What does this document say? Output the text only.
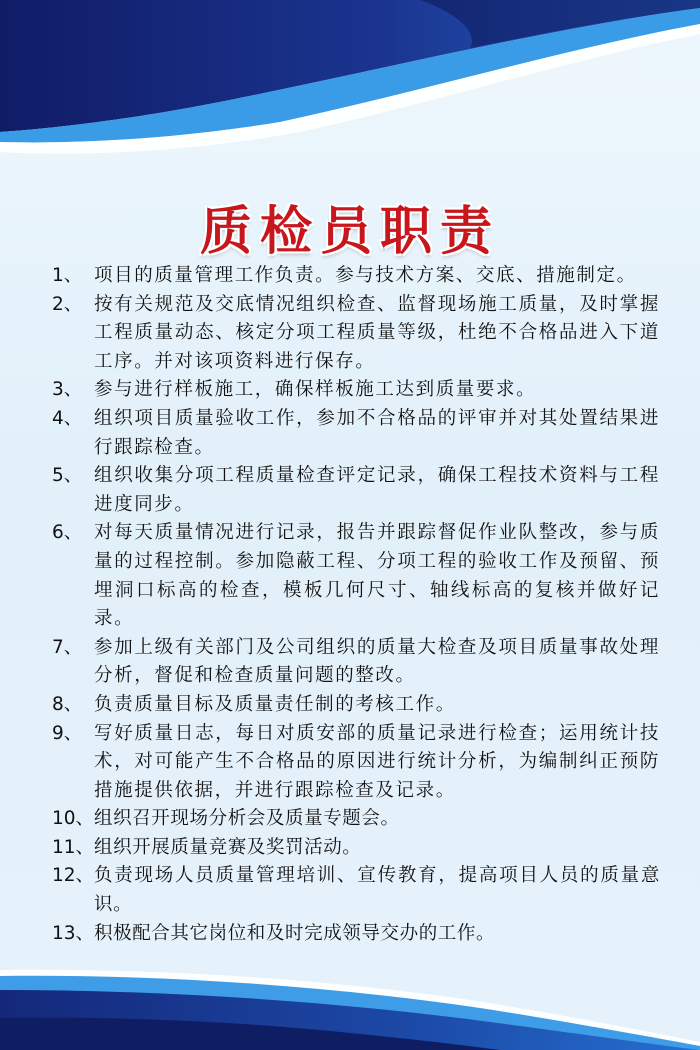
质检员职责
1、 项目的质量管理工作负责。参与技术方案、交底、措施制定。
2、 按有关规范及交底情况组织检查、监督现场施工质量，及时掌握工程质量动态、核定分项工程质量等级，杜绝不合格品进入下道工序。并对该项资料进行保存。
3、 参与进行样板施工，确保样板施工达到质量要求。
4、 组织项目质量验收工作，参加不合格品的评审并对其处置结果进行跟踪检查。
5、 组织收集分项工程质量检查评定记录，确保工程技术资料与工程进度同步。
6、 对每天质量情况进行记录，报告并跟踪督促作业队整改，参与质量的过程控制。参加隐蔽工程、分项工程的验收工作及预留、预埋洞口标高的检查，模板几何尺寸、轴线标高的复核并做好记录。
7、 参加上级有关部门及公司组织的质量大检查及项目质量事故处理分析，督促和检查质量问题的整改。
8、 负责质量目标及质量责任制的考核工作。
9、 写好质量日志，每日对质安部的质量记录进行检查；运用统计技术，对可能产生不合格品的原因进行统计分析，为编制纠正预防措施提供依据，并进行跟踪检查及记录。
10、 组织召开现场分析会及质量专题会。
11、 组织开展质量竞赛及奖罚活动。
12、 负责现场人员质量管理培训、宣传教育，提高项目人员的质量意识。
13、 积极配合其它岗位和及时完成领导交办的工作。
